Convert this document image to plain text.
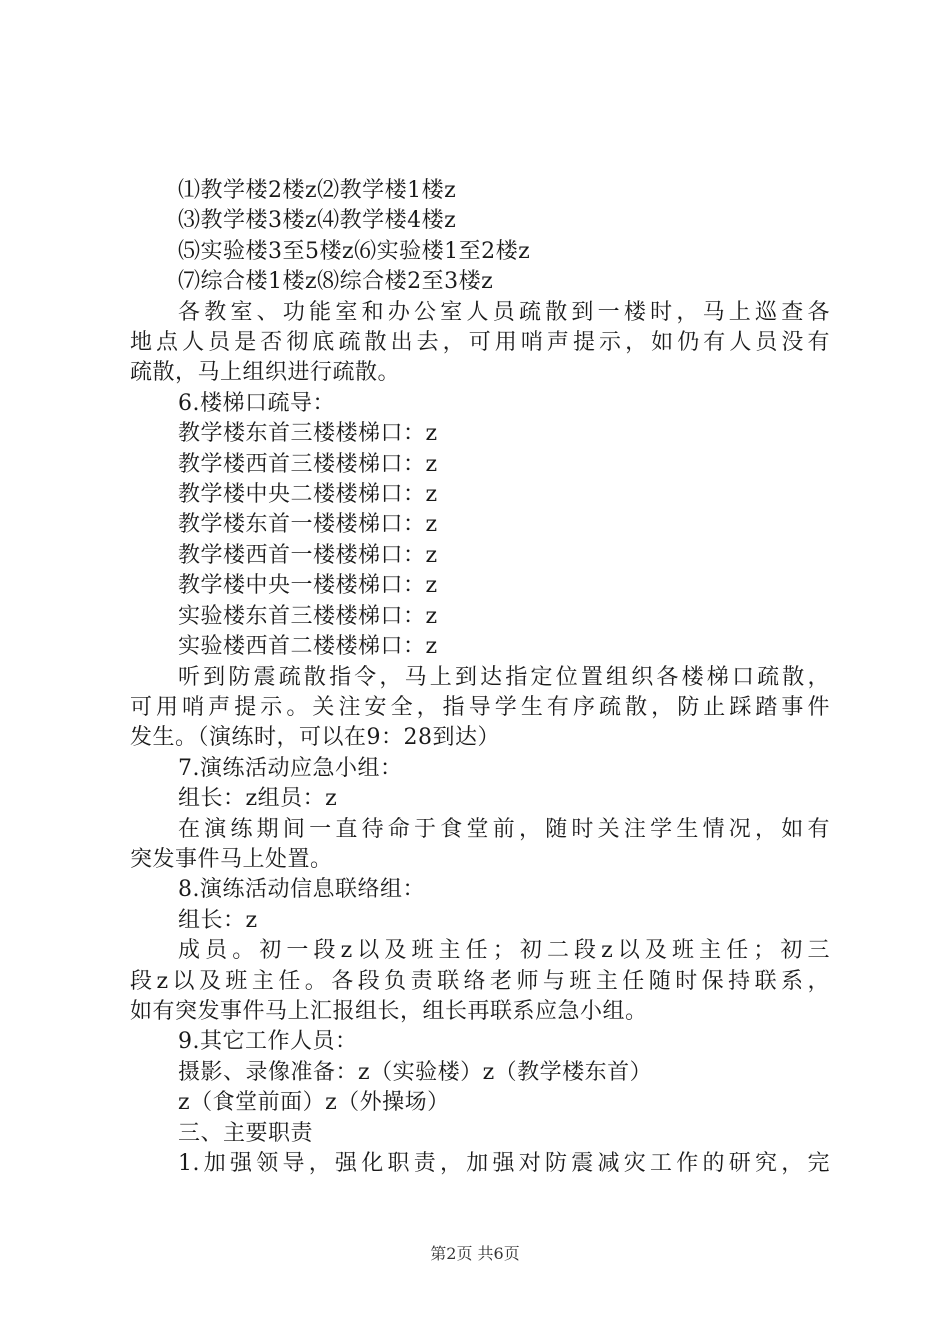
⑴教学楼2楼z⑵教学楼1楼z
⑶教学楼3楼z⑷教学楼4楼z
⑸实验楼3至5楼z⑹实验楼1至2楼z
⑺综合楼1楼z⑻综合楼2至3楼z
各教室、功能室和办公室人员疏散到一楼时，马上巡查各
地点人员是否彻底疏散出去，可用哨声提示，如仍有人员没有
疏散，马上组织进行疏散。
6.楼梯口疏导：
教学楼东首三楼楼梯口：z
教学楼西首三楼楼梯口：z
教学楼中央二楼楼梯口：z
教学楼东首一楼楼梯口：z
教学楼西首一楼楼梯口：z
教学楼中央一楼楼梯口：z
实验楼东首三楼楼梯口：z
实验楼西首二楼楼梯口：z
听到防震疏散指令，马上到达指定位置组织各楼梯口疏散，
可用哨声提示。关注安全，指导学生有序疏散，防止踩踏事件
发生。（演练时，可以在9：28到达）
7.演练活动应急小组：
组长：z组员：z
在演练期间一直待命于食堂前，随时关注学生情况，如有
突发事件马上处置。
8.演练活动信息联络组：
组长：z
成员。初一段z以及班主任；初二段z以及班主任；初三
段z以及班主任。各段负责联络老师与班主任随时保持联系，
如有突发事件马上汇报组长，组长再联系应急小组。
9.其它工作人员：
摄影、录像准备：z（实验楼）z（教学楼东首）
z（食堂前面）z（外操场）
三、主要职责
1.加强领导，强化职责，加强对防震减灾工作的研究，完
第2页 共6页
